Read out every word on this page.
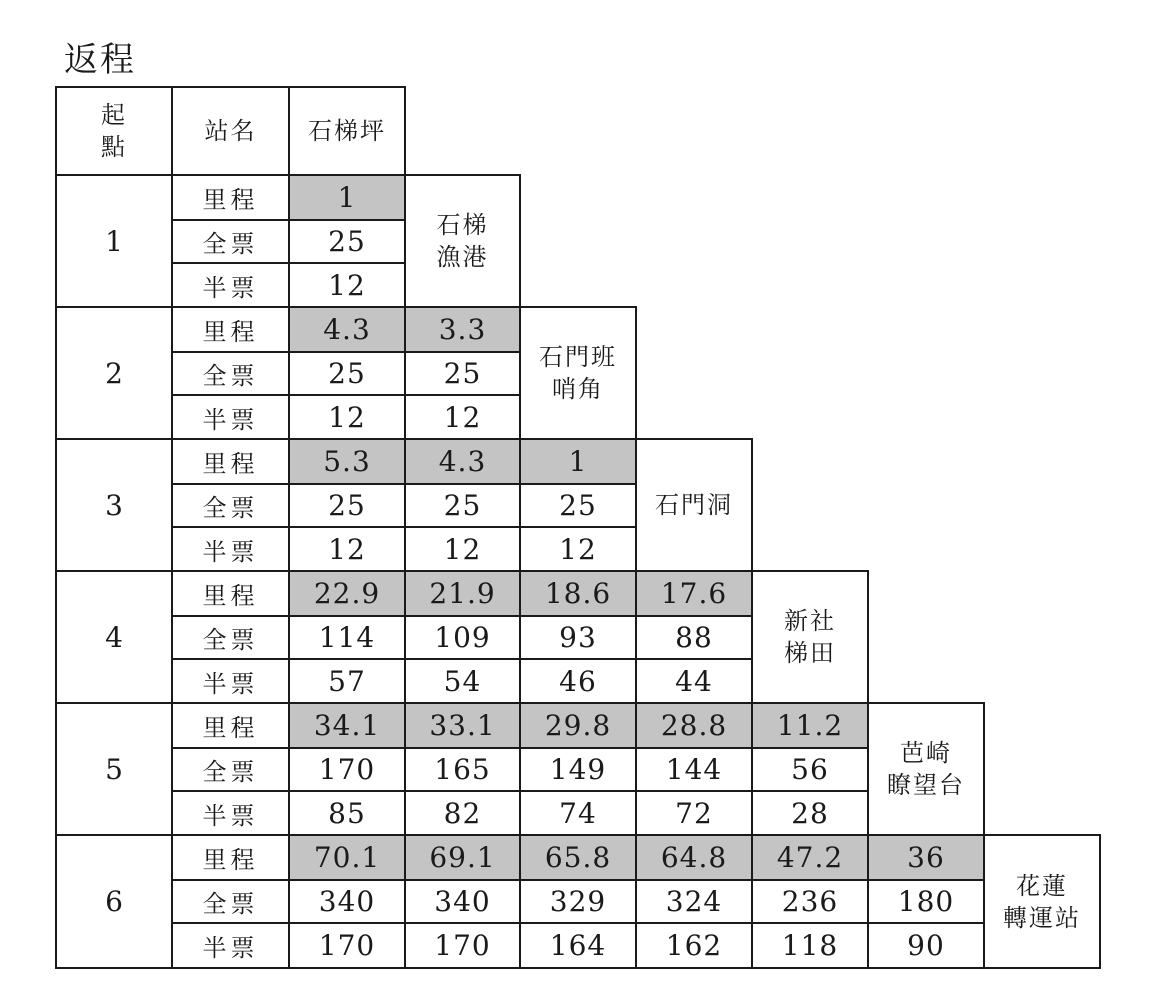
返程
起
點
站名	石梯坪
1
里程	1
全票	25
半票	12
石梯
漁港
2
里程	4.3	3.3
全票	25	25
半票	12	12
石門班
哨角
3
里程	5.3	4.3	1
全票	25	25	25
半票	12	12	12
石門洞
4
里程	22.9	21.9	18.6	17.6
全票	114	109	93	88
半票	57	54	46	44
新社
梯田
5
里程	34.1	33.1	29.8	28.8	11.2
全票	170	165	149	144	56
半票	85	82	74	72	28
芭崎
瞭望台
6
里程	70.1	69.1	65.8	64.8	47.2	36
全票	340	340	329	324	236	180
半票	170	170	164	162	118	90
花蓮
轉運站
